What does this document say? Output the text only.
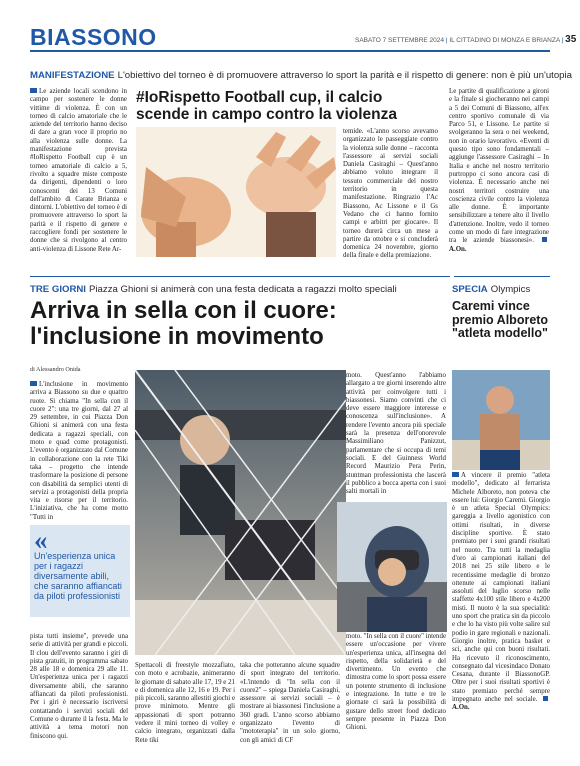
BIASSONO	SABATO 7 SETTEMBRE 2024 | IL CITTADINO DI MONZA E BRIANZA | 35
MANIFESTAZIONE L'obiettivo del torneo è di promuovere attraverso lo sport la parità e il rispetto di genere: non è più un'utopia

Le aziende locali scendono in campo per sostenere le donne vittime di violenza. È con un torneo di calcio amatoriale che le aziende del territorio hanno deciso di dare a gran voce il proprio no alla violenza sulle donne. La manifestazione prevista #IoRispetto Football cup è un torneo amatoriale di calcio a 5, rivolto a squadre miste composte da dirigenti, dipendenti o loro conoscenti dei 13 Comuni dell'ambito di Carate Brianza e dintorni. L'obiettivo del torneo è di promuovere attraverso lo sport la parità e il rispetto di genere e raccogliere fondi per sostenere le donne che si rivolgono al centro anti-violenza di Lissone Rete Ar-

#IoRispetto Football cup, il calcio scende in campo contro la violenza

temide. «L'anno scorso avevamo organizzato le passeggiate contro la violenza sulle donne – racconta l'assessore ai servizi sociali Daniela Casiraghi – Quest'anno abbiamo voluto integrare il tessuto commerciale del nostro territorio in questa manifestazione. Ringrazio l'Ac Biassono, Ac Lissone e il Gs Vedano che ci hanno fornito campi e arbitri per giocare». Il torneo durerà circa un mese a partire da ottobre e si concluderà domenica 24 novembre, giorno della finale e della premiazione.

Le partite di qualificazione a gironi e la finale si giocheranno nei campi a 5 dei Comuni di Biassono, all'ex centro sportivo comunale di via Parco 51, e Lissone. Le partite si svolgeranno la sera o nei weekend, non in orario lavorativo. «Eventi di questo tipo sono fondamentali – aggiunge l'assessore Casiraghi – In Italia e anche nel nostro territorio purtroppo ci sono ancora casi di violenza. È necessario anche nei nostri territori costruire una coscienza civile contro la violenza alle donne. È importante sensibilizzare a tenere alto il livello d'attenzione. Inoltre, vedo il torneo come un modo di fare integrazione tra le aziende biassonesi». A.On.

TRE GIORNI Piazza Ghioni si animerà con una festa dedicata a ragazzi molto speciali
Arriva in sella con il cuore: l'inclusione in movimento
di Alessandro Onida

L'inclusione in movimento arriva a Biassono su due e quattro ruote. Si chiama "In sella con il cuore 2": una tre giorni, dal 27 al 29 settembre, in cui Piazza Don Ghioni si animerà con una festa dedicata a ragazzi speciali, con moto e quad come protagonisti. L'evento è organizzato dal Comune in collaborazione con la rete Tiki taka – progetto che intende trasformare la posizione di persone con disabilità da semplici utenti di servizi a protagonisti della propria vita e risorse per il territorio. L'iniziativa, che ha come motto "Tutti in

«
Un'esperienza unica per i ragazzi diversamente abili, che saranno affiancati da piloti professionisti

pista tutti insieme", prevede una serie di attività per grandi e piccoli. Il clou dell'evento saranno i giri di pista gratuiti, in programma sabato 28 alle 18 e domenica 29 alle 11. Un'esperienza unica per i ragazzi diversamente abili, che saranno affiancati da piloti professionisti. Per i giri è necessario iscriversi contattando i servizi sociali del Comune o durante il la festa. Ma le attività a tema motori non finiscono qui.

Spettacoli di freestyle mozzafiato, con moto e acrobazie, animeranno le giornate di sabato alle 17, 19 e 21 e di domenica alle 12, 16 e 19. Per i più piccoli, saranno allestiti giochi e prove minimoto. Mentre gli appassionati di sport potranno vedere il mini torneo di volley e calcio integrato, organizzati dalla Rete tiki

taka che potteranno alcune squadre di sport integrato del territorio. «L'intendo di "In sella con il cuore2" – spiega Daniela Casiraghi, assessore ai servizi sociali – è mostrare ai biassonesi l'inclusione a 360 gradi. L'anno scorso abbiamo organizzato l'evento di "mototerapia" in un solo giorno, con gli amici di CF

moto. Quest'anno l'abbiamo allargato a tre giorni inserendo altre attività per coinvolgere tutti i biassonesi. Siamo convinti che ci deve essere maggiore interesse e conoscenza sull'inclusione». A rendere l'evento ancora più speciale sarà la presenza dell'onorevole Massimiliano Panizzut, parlamentare che si occupa di temi sociali. E del Guinness World Record Maurizio Pera Perin, stuntman professionista che lascerà il pubblico a bocca aperta con i suoi salti mortali in

moto. "In sella con il cuore" intende essere un'occasione per vivere un'esperienza unica, all'insegna del rispetto, della solidarietà e del divertimento. Un evento che dimostra come lo sport possa essere un potente strumento di inclusione e integrazione. In tutte e tre le giornate ci sarà la possibilità di gustare dello street food dedicato sempre presente in Piazza Don Ghioni.

SPECIA Olympics
Caremi vince premio Alboreto "atleta modello"

A vincere il premio "atleta modello", dedicato al ferrarista Michele Alboreto, non poteva che essere lui: Giorgio Caremi. Giorgio è un atleta Special Olympics: gareggia a livello agonistico con ottimi risultati, in diverse discipline sportive. È stato premiato per i suoi grandi risultati nel nuoto. Tra tutti la medaglia d'oro ai campionati italiani del 2018 nei 25 stile libero e le recentissime medaglie di bronzo ottenute ai campionati italiani assoluti del luglio scorso nelle staffette 4x100 stile libero e 4x200 misti. Il nuoto è la sua specialità: uno sport che pratica sin da piccolo e che lo ha visto più volte salire sul podio in gare regionali e nazionali. Giorgio inoltre, pratica basket e sci, anche qui con buoni risultati. Ha ricevuto il riconoscimento, consegnato dal vicesindaco Donato Cesana, durante il BiassonoGP. Oltre per i suoi risultati sportivi è stato premiato perché sempre impegnato anche nel sociale. A.On.
